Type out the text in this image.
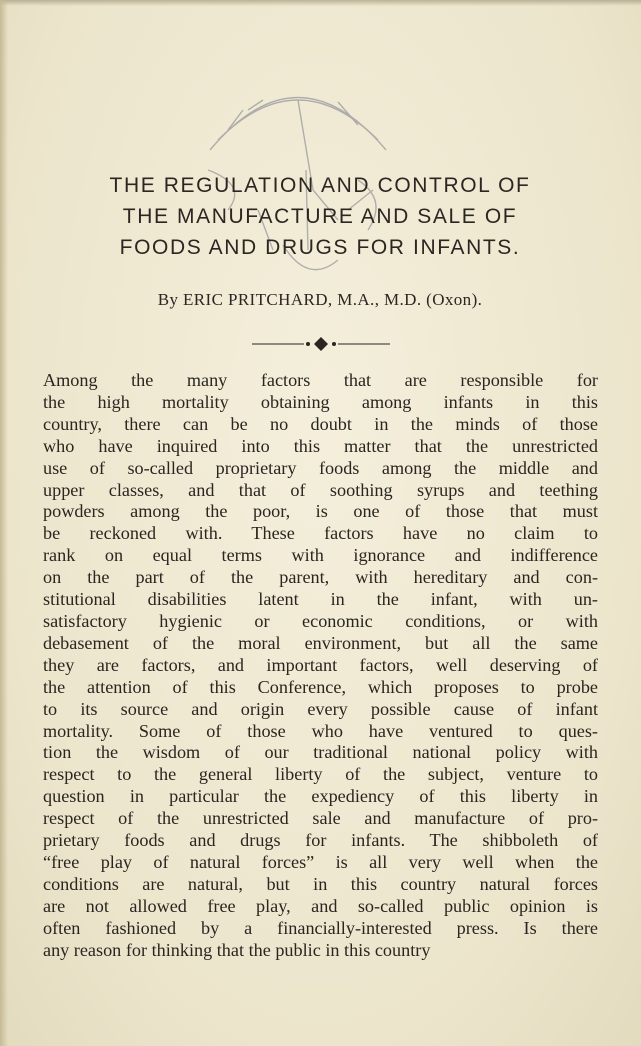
THE REGULATION AND CONTROL OF
THE MANUFACTURE AND SALE OF
FOODS AND DRUGS FOR INFANTS.
By ERIC PRITCHARD, M.A., M.D. (Oxon).
Among the many factors that are responsible for
the high mortality obtaining among infants in this
country, there can be no doubt in the minds of those
who have inquired into this matter that the unrestricted
use of so-called proprietary foods among the middle and
upper classes, and that of soothing syrups and teething
powders among the poor, is one of those that must
be reckoned with. These factors have no claim to
rank on equal terms with ignorance and indifference
on the part of the parent, with hereditary and con-
stitutional disabilities latent in the infant, with un-
satisfactory hygienic or economic conditions, or with
debasement of the moral environment, but all the same
they are factors, and important factors, well deserving of
the attention of this Conference, which proposes to probe
to its source and origin every possible cause of infant
mortality. Some of those who have ventured to ques-
tion the wisdom of our traditional national policy with
respect to the general liberty of the subject, venture to
question in particular the expediency of this liberty in
respect of the unrestricted sale and manufacture of pro-
prietary foods and drugs for infants. The shibboleth of
“free play of natural forces” is all very well when the
conditions are natural, but in this country natural forces
are not allowed free play, and so-called public opinion is
often fashioned by a financially-interested press. Is there
any reason for thinking that the public in this country
